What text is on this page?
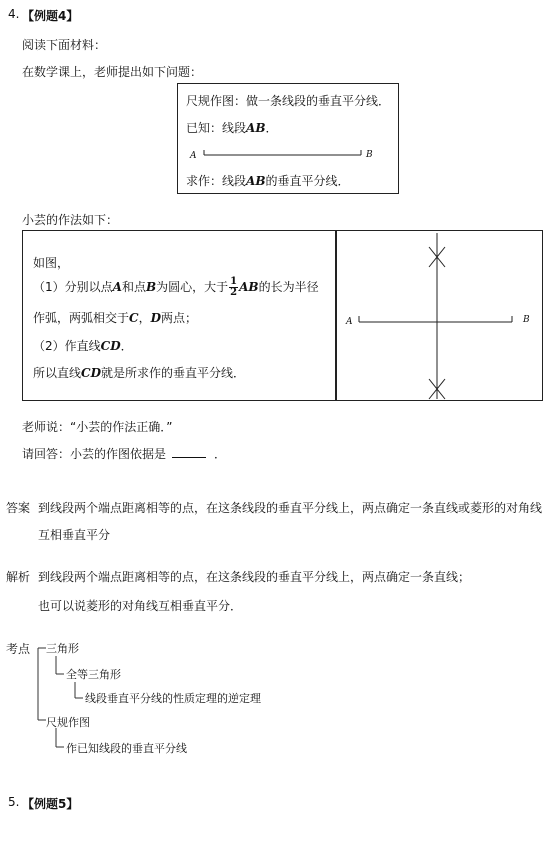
4. 【例题4】
阅读下面材料：
在数学课上，老师提出如下问题：
尺规作图：做一条线段的垂直平分线．
已知：线段AB．
A	B
求作：线段AB的垂直平分线．
小芸的作法如下：
如图，
（1）分别以点A和点B为圆心，大于 $\frac{1}{2}$ AB的长为半径
作弧，两弧相交于C，D两点；
（2）作直线CD．
所以直线CD就是所求作的垂直平分线．
A	B
老师说：“小芸的作法正确．”
请回答：小芸的作图依据是	．
答案 到线段两个端点距离相等的点，在这条线段的垂直平分线上，两点确定一条直线或菱形的对角线
互相垂直平分
解析 到线段两个端点距离相等的点，在这条线段的垂直平分线上，两点确定一条直线；
也可以说菱形的对角线互相垂直平分．
考点 三角形
全等三角形
线段垂直平分线的性质定理的逆定理
尺规作图
作已知线段的垂直平分线
5. 【例题5】
